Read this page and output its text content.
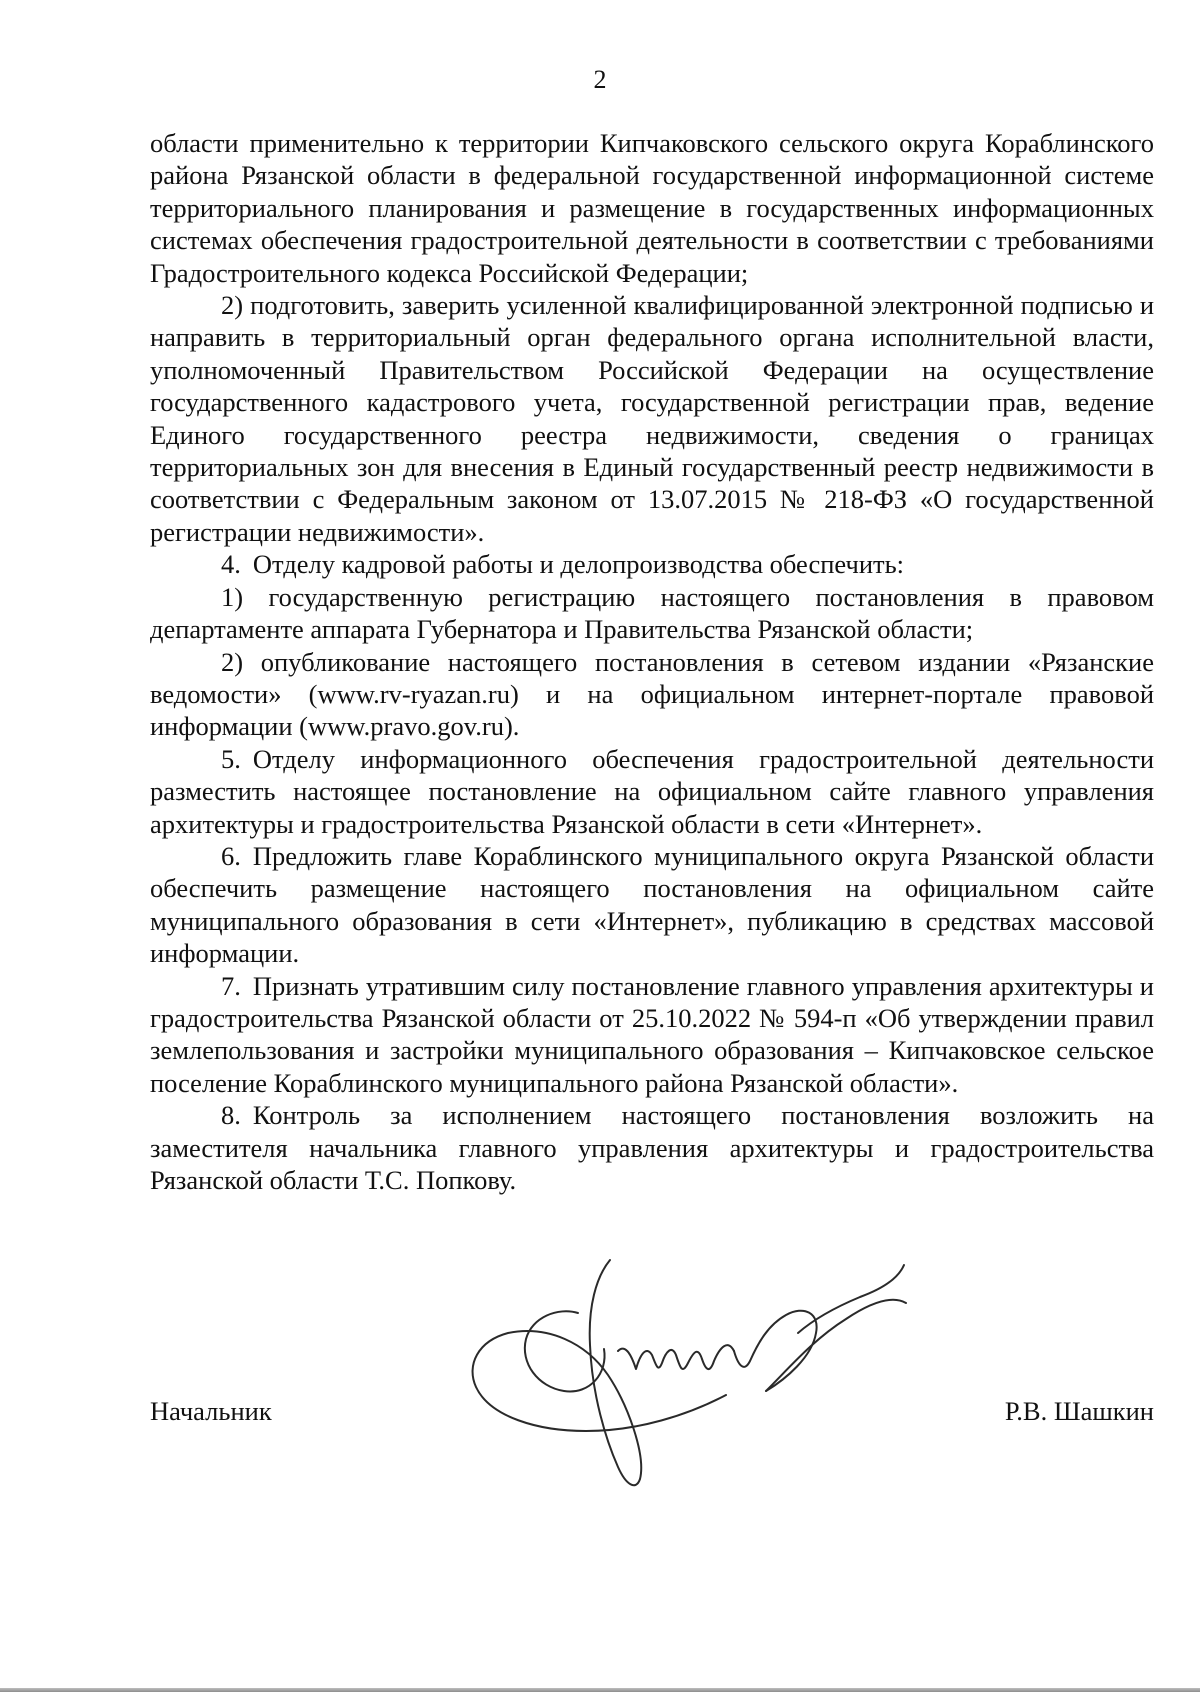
2

области применительно к территории Кипчаковского сельского округа Кораблинского района Рязанской области в федеральной государственной информационной системе территориального планирования и размещение в государственных информационных системах обеспечения градостроительной деятельности в соответствии с требованиями Градостроительного кодекса Российской Федерации;

2) подготовить, заверить усиленной квалифицированной электронной подписью и направить в территориальный орган федерального органа исполнительной власти, уполномоченный Правительством Российской Федерации на осуществление государственного кадастрового учета, государственной регистрации прав, ведение Единого государственного реестра недвижимости, сведения о границах территориальных зон для внесения в Единый государственный реестр недвижимости в соответствии с Федеральным законом от 13.07.2015 № 218-ФЗ «О государственной регистрации недвижимости».

4. Отделу кадровой работы и делопроизводства обеспечить:

1) государственную регистрацию настоящего постановления в правовом департаменте аппарата Губернатора и Правительства Рязанской области;

2) опубликование настоящего постановления в сетевом издании «Рязанские ведомости» (www.rv-ryazan.ru) и на официальном интернет-портале правовой информации (www.pravo.gov.ru).

5. Отделу информационного обеспечения градостроительной деятельности разместить настоящее постановление на официальном сайте главного управления архитектуры и градостроительства Рязанской области в сети «Интернет».

6. Предложить главе Кораблинского муниципального округа Рязанской области обеспечить размещение настоящего постановления на официальном сайте муниципального образования в сети «Интернет», публикацию в средствах массовой информации.

7. Признать утратившим силу постановление главного управления архитектуры и градостроительства Рязанской области от 25.10.2022 № 594-п «Об утверждении правил землепользования и застройки муниципального образования – Кипчаковское сельское поселение Кораблинского муниципального района Рязанской области».

8. Контроль за исполнением настоящего постановления возложить на заместителя начальника главного управления архитектуры и градостроительства Рязанской области Т.С. Попкову.

Начальник	Р.В. Шашкин
